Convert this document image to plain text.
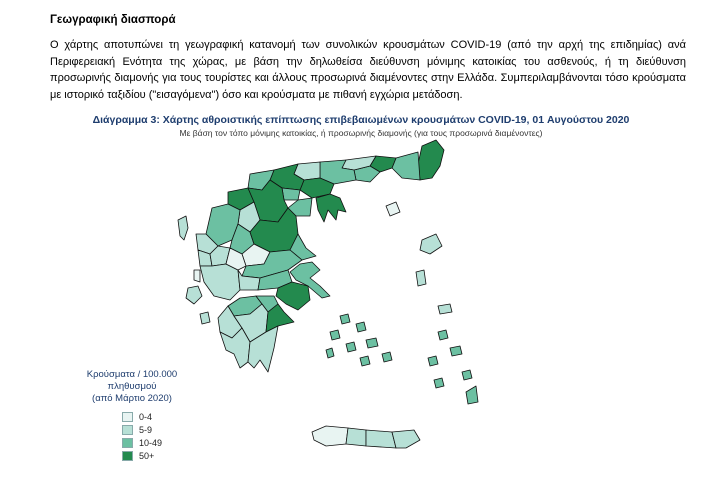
Γεωγραφική διασπορά
Ο χάρτης αποτυπώνει τη γεωγραφική κατανομή των συνολικών κρουσμάτων COVID-19 (από την αρχή της επιδημίας) ανά Περιφερειακή Ενότητα της χώρας, με βάση την δηλωθείσα διεύθυνση μόνιμης κατοικίας του ασθενούς, ή τη διεύθυνση προσωρινής διαμονής για τους τουρίστες και άλλους προσωρινά διαμένοντες στην Ελλάδα. Συμπεριλαμβάνονται τόσο κρούσματα με ιστορικό ταξιδίου ("εισαγόμενα") όσο και κρούσματα με πιθανή εγχώρια μετάδοση.
Διάγραμμα 3: Χάρτης αθροιστικής επίπτωσης επιβεβαιωμένων κρουσμάτων COVID-19, 01 Αυγούστου 2020
Με βάση τον τόπο μόνιμης κατοικίας, ή προσωρινής διαμονής (για τους προσωρινά διαμένοντες)
Κρούσματα / 100.000 πληθυσμού
(από Μάρτιο 2020)
0-4
5-9
10-49
50+
